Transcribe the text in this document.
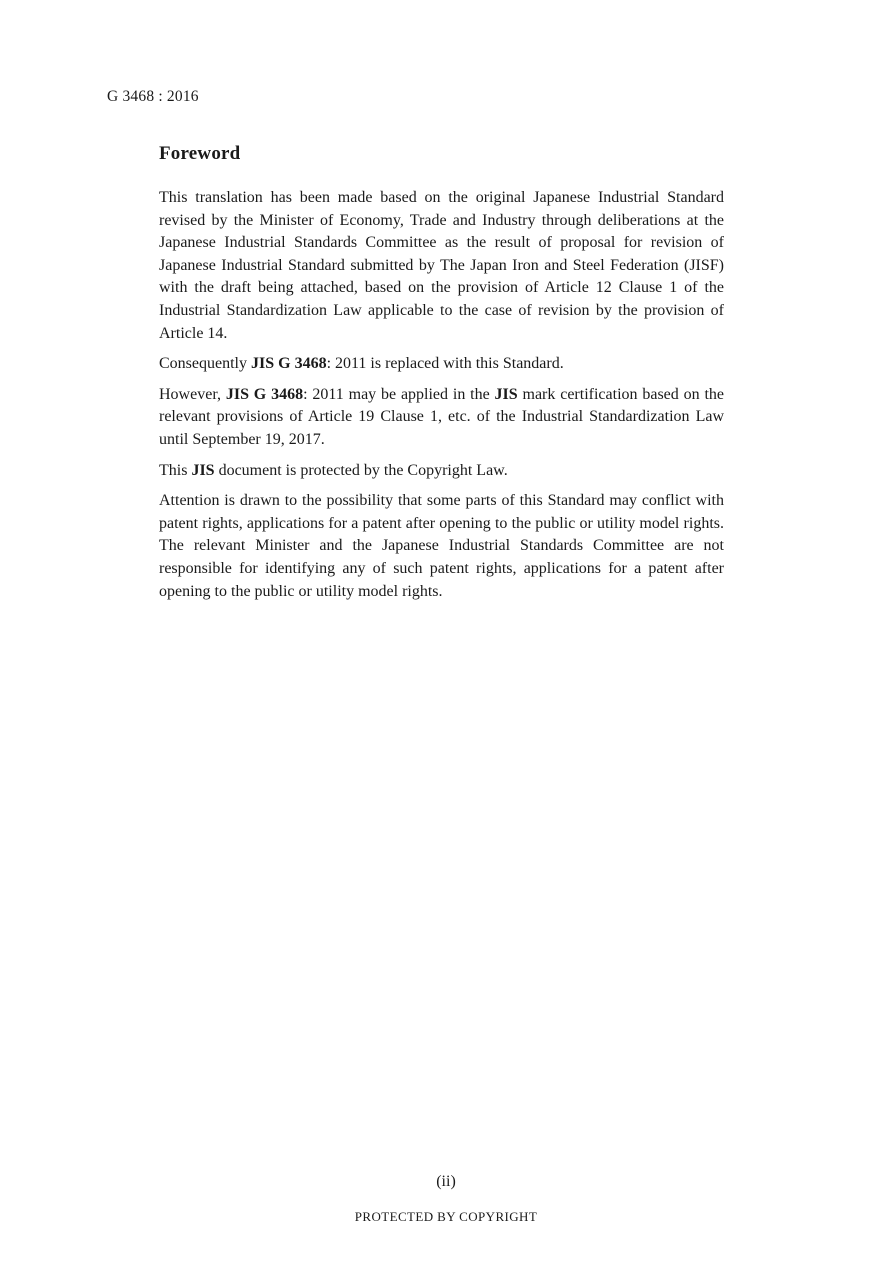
G 3468 : 2016
Foreword

This translation has been made based on the original Japanese Industrial Standard revised by the Minister of Economy, Trade and Industry through deliberations at the Japanese Industrial Standards Committee as the result of proposal for revision of Japanese Industrial Standard submitted by The Japan Iron and Steel Federation (JISF) with the draft being attached, based on the provision of Article 12 Clause 1 of the Industrial Standardization Law applicable to the case of revision by the provision of Article 14.

Consequently JIS G 3468: 2011 is replaced with this Standard.

However, JIS G 3468: 2011 may be applied in the JIS mark certification based on the relevant provisions of Article 19 Clause 1, etc. of the Industrial Standardization Law until September 19, 2017.

This JIS document is protected by the Copyright Law.

Attention is drawn to the possibility that some parts of this Standard may conflict with patent rights, applications for a patent after opening to the public or utility model rights. The relevant Minister and the Japanese Industrial Standards Committee are not responsible for identifying any of such patent rights, applications for a patent after opening to the public or utility model rights.

(ii)
PROTECTED BY COPYRIGHT
